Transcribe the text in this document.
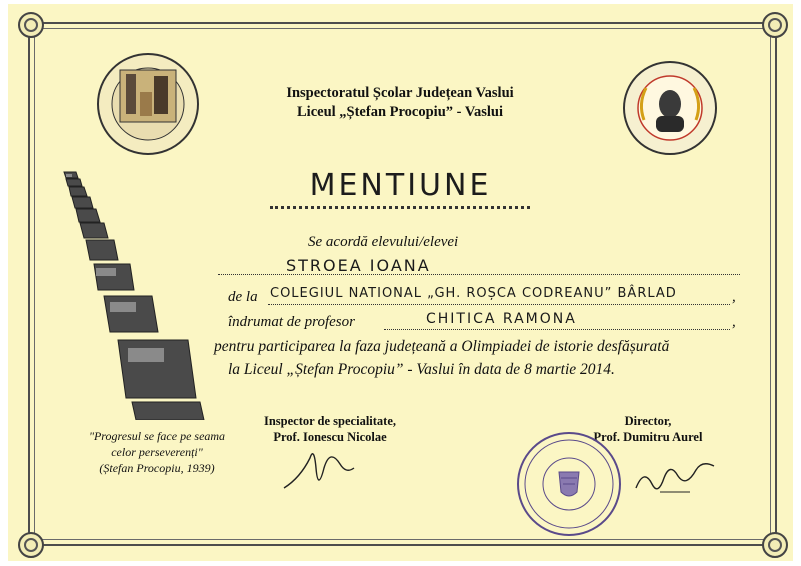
Inspectoratul Școlar Județean Vaslui
Liceul „Ștefan Procopiu” - Vaslui
MENTIUNE
Se acordă elevului/elevei
STROEA IOANA
de la COLEGIUL NATIONAL „GH. ROȘCA CODREANU” BÂRLAD	,
îndrumat de profesor	CHITICA RAMONA	,
pentru participarea la faza județeană a Olimpiadei de istorie desfășurată
la Liceul „Ștefan Procopiu” - Vaslui în data de 8 martie 2014.
"Progresul se face pe seama
celor perseverenți"
(Ștefan Procopiu, 1939)
Inspector de specialitate,
Prof. Ionescu Nicolae
Director,
Prof. Dumitru Aurel
